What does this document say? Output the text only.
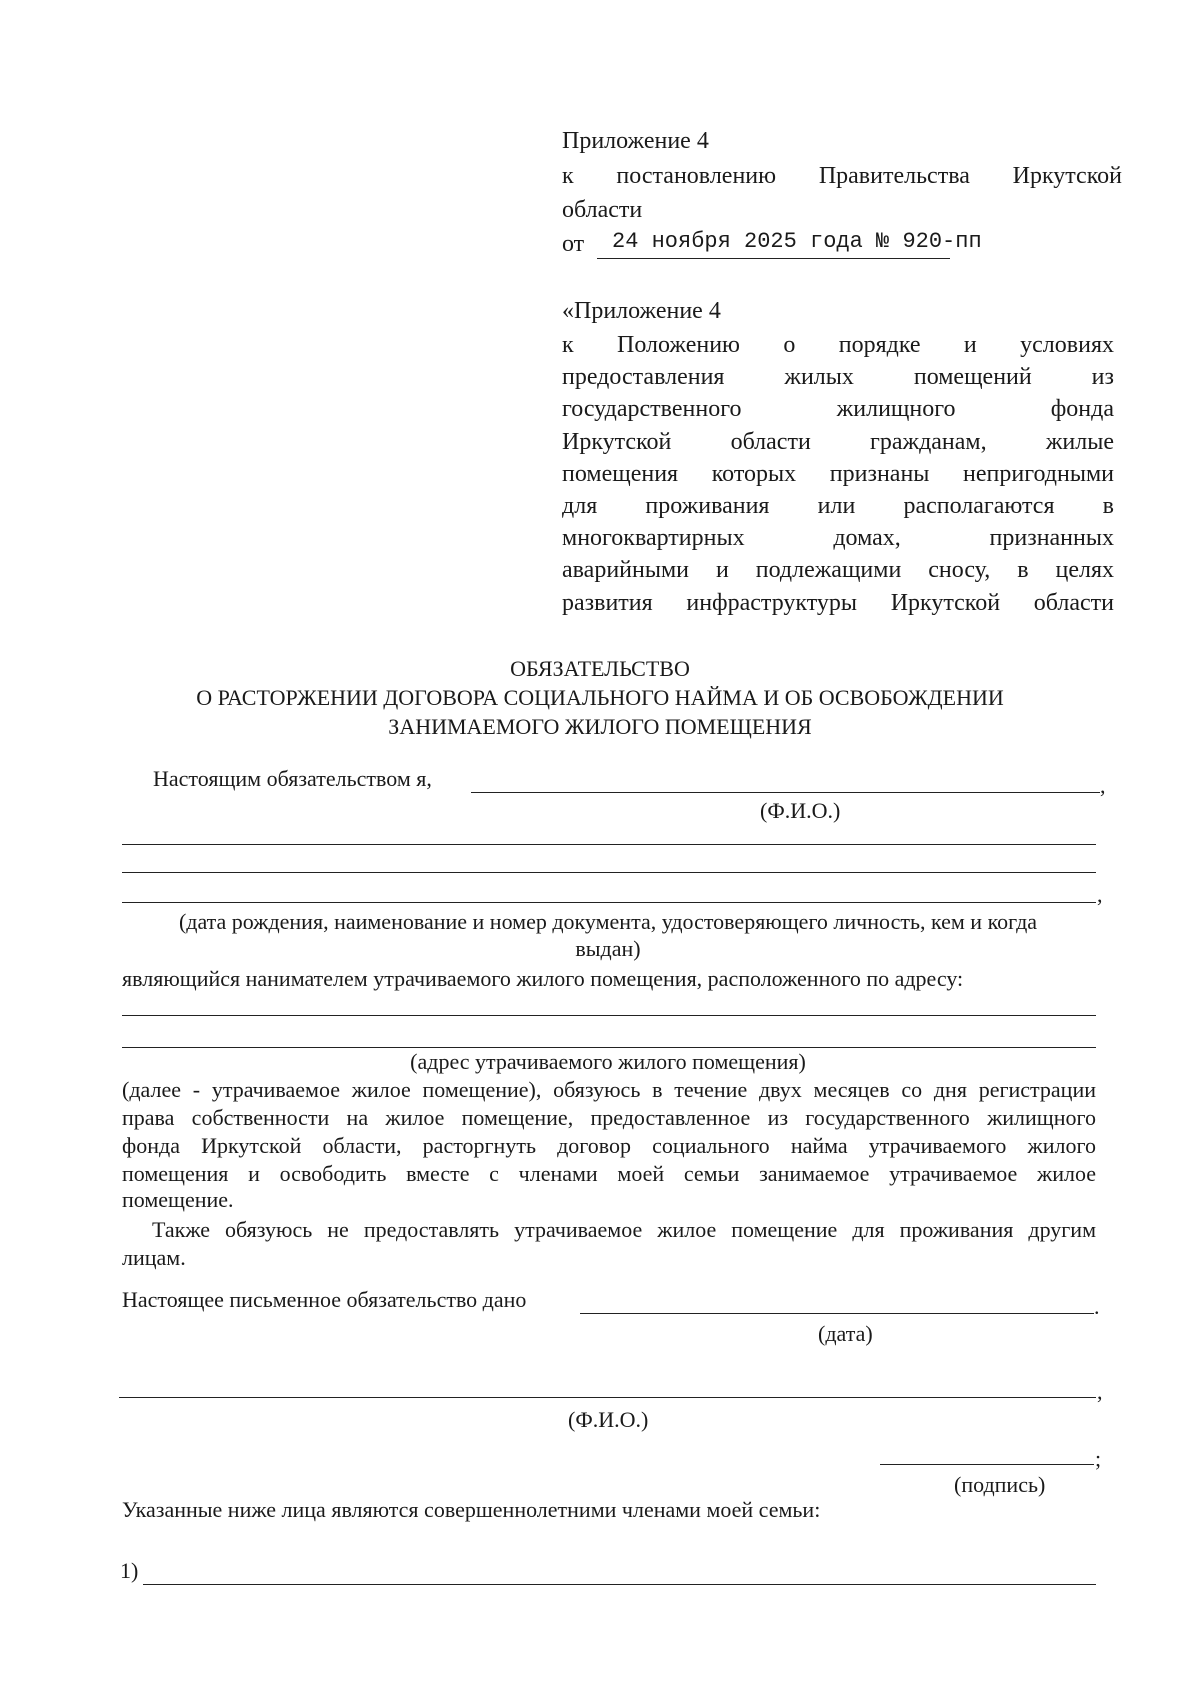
Приложение 4
к постановлению Правительства Иркутской
области
от 24 ноября 2025 года № 920-пп
«Приложение 4
к Положению о порядке и условиях
предоставления жилых помещений из
государственного жилищного фонда
Иркутской области гражданам, жилые
помещения которых признаны непригодными
для проживания или располагаются в
многоквартирных домах, признанных
аварийными и подлежащими сносу, в целях
развития инфраструктуры Иркутской области
ОБЯЗАТЕЛЬСТВО
О РАСТОРЖЕНИИ ДОГОВОРА СОЦИАЛЬНОГО НАЙМА И ОБ ОСВОБОЖДЕНИИ
ЗАНИМАЕМОГО ЖИЛОГО ПОМЕЩЕНИЯ
Настоящим обязательством я,	,
(Ф.И.О.)
,
(дата рождения, наименование и номер документа, удостоверяющего личность, кем и когда
выдан)
являющийся нанимателем утрачиваемого жилого помещения, расположенного по адресу:
(адрес утрачиваемого жилого помещения)
(далее - утрачиваемое жилое помещение), обязуюсь в течение двух месяцев со дня регистрации
права собственности на жилое помещение, предоставленное из государственного жилищного
фонда Иркутской области, расторгнуть договор социального найма утрачиваемого жилого
помещения и освободить вместе с членами моей семьи занимаемое утрачиваемое жилое
помещение.
Также обязуюсь не предоставлять утрачиваемое жилое помещение для проживания другим
лицам.
Настоящее письменное обязательство дано	.
(дата)
,
(Ф.И.О.)
;
(подпись)
Указанные ниже лица являются совершеннолетними членами моей семьи:
1)
